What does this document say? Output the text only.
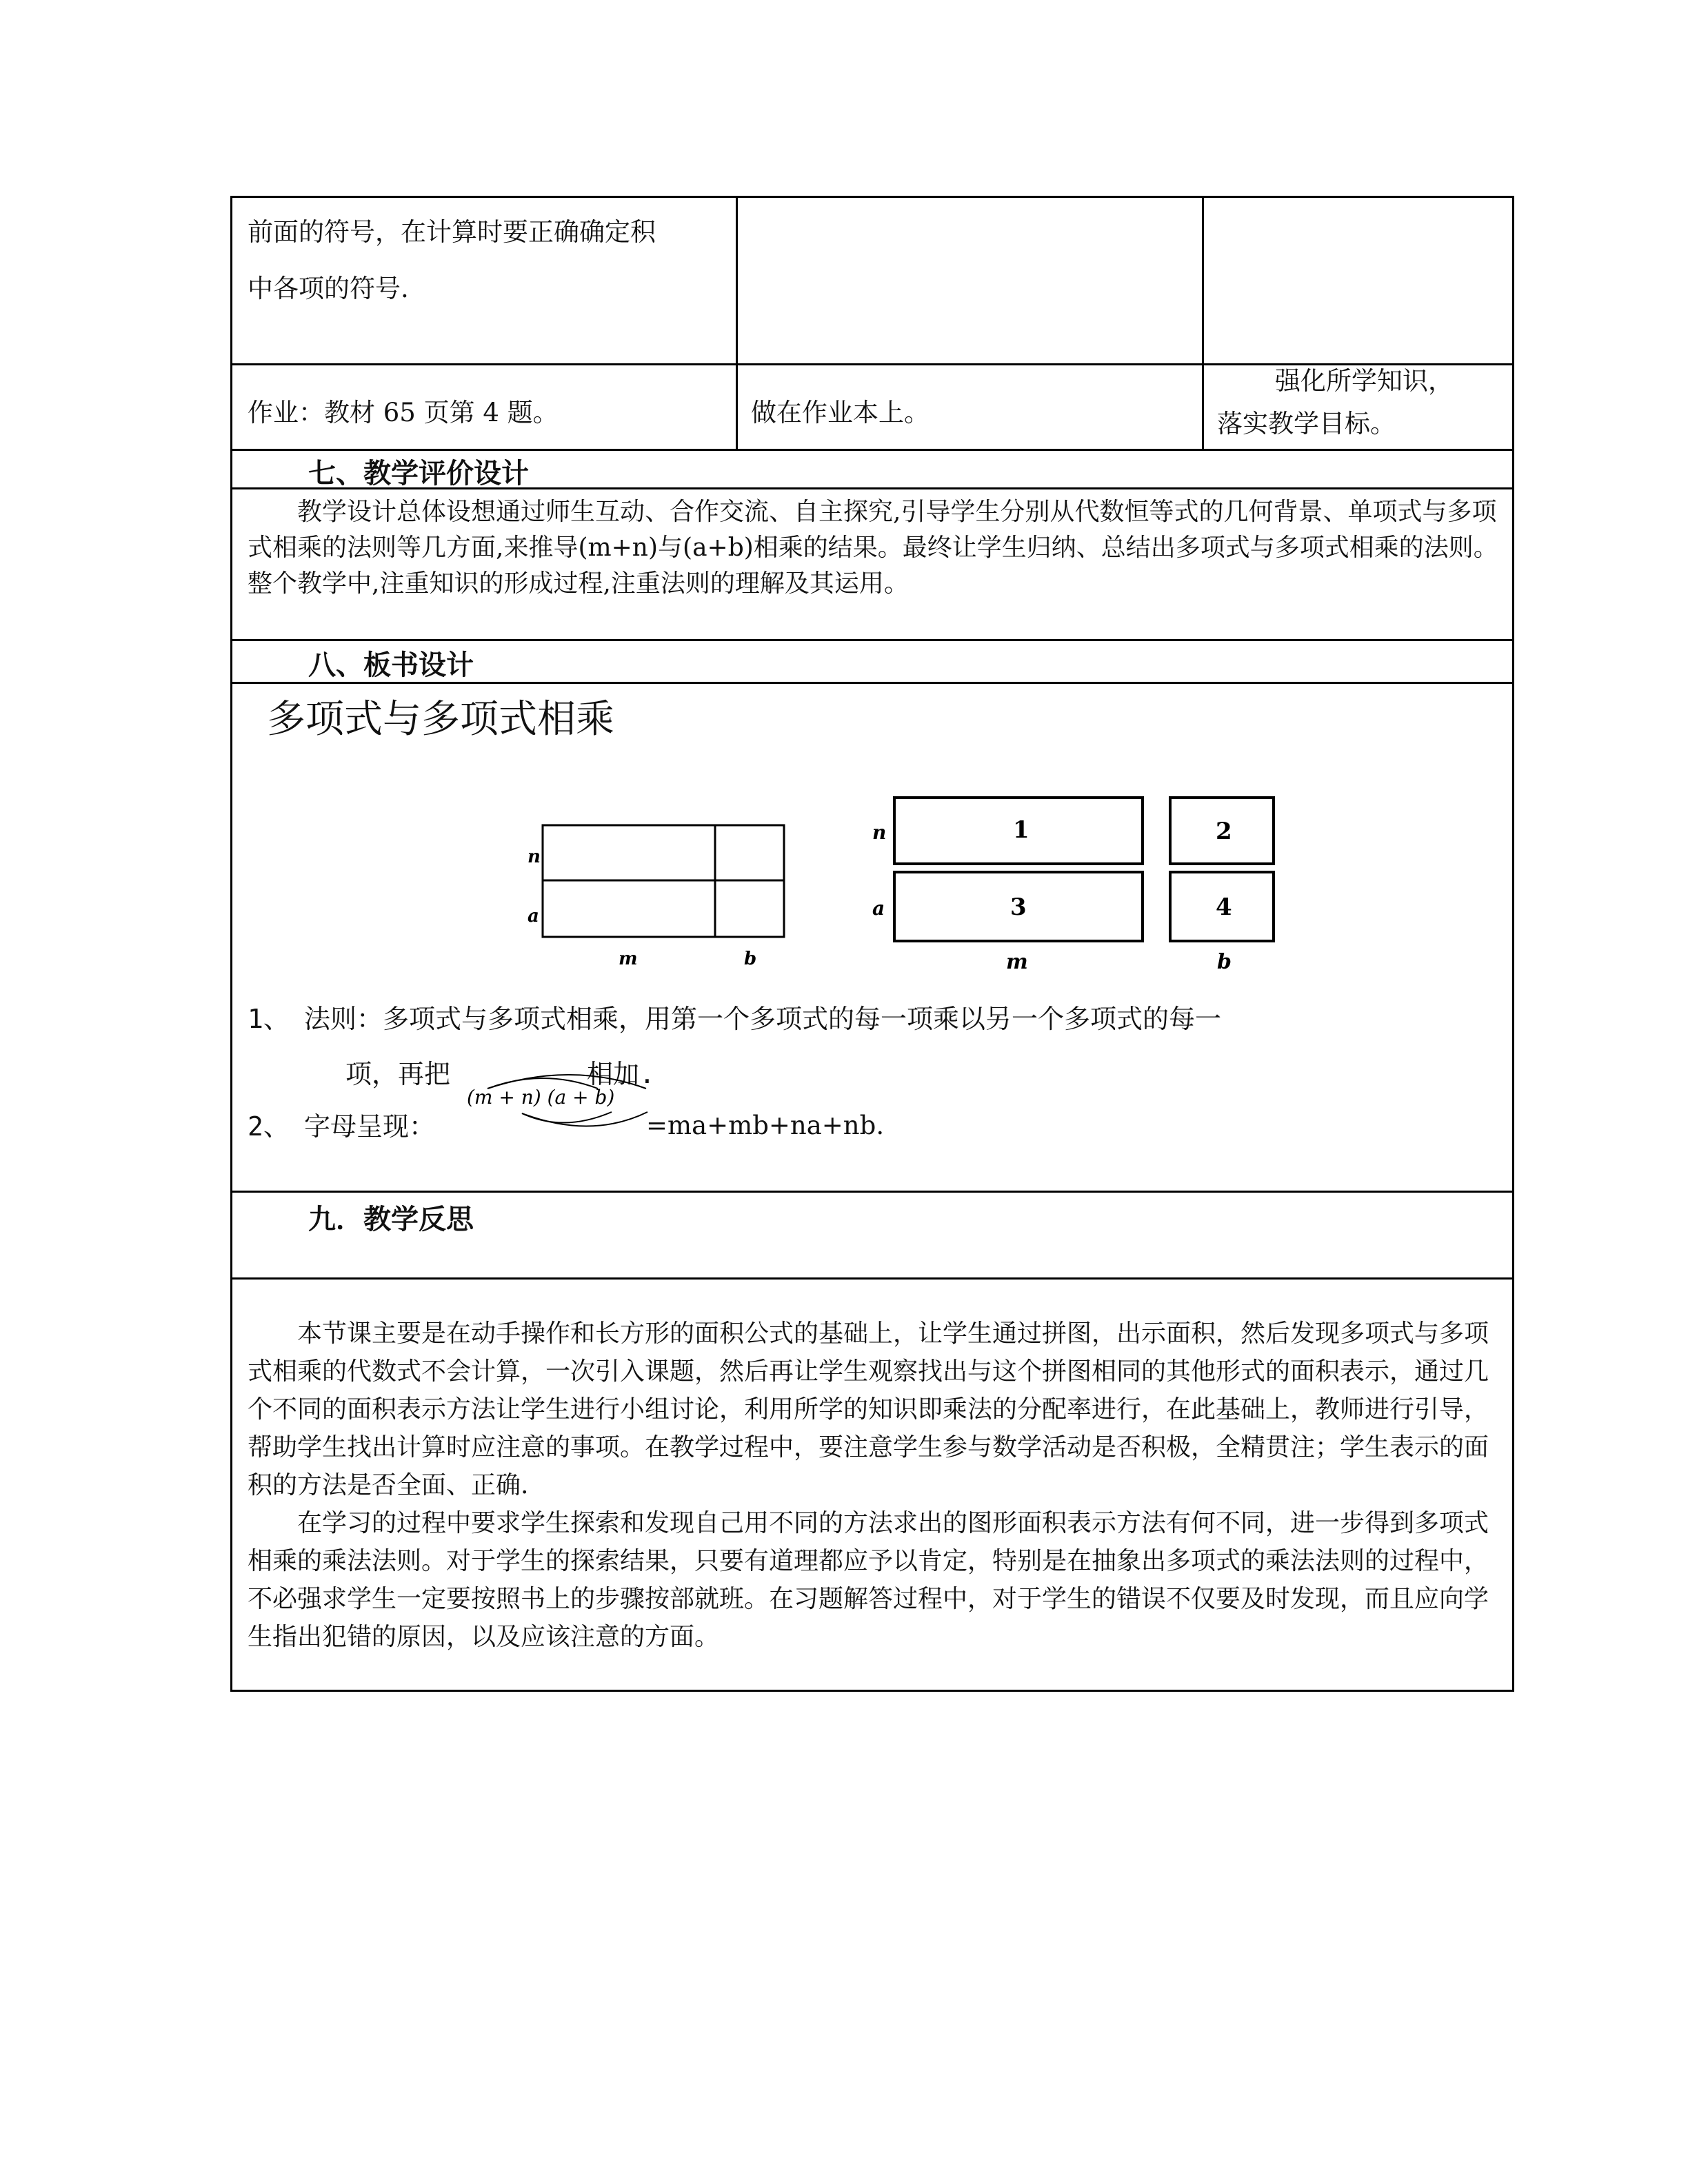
前面的符号，在计算时要正确确定积
中各项的符号.
作业：教材 65 页第 4 题。	做在作业本上。
强化所学知识，
落实教学目标。
七、教学评价设计

教学设计总体设想通过师生互动、合作交流、自主探究,引导学生分别从代数恒等式的几何背景、单项式与多项式相乘的法则等几方面,来推导(m+n)与(a+b)相乘的结果。最终让学生归纳、总结出多项式与多项式相乘的法则。整个教学中,注重知识的形成过程,注重法则的理解及其运用。

八、板书设计
多项式与多项式相乘
n
a
m	b
1	2
3	4
n
a
m	b
1、 法则：多项式与多项式相乘，用第一个多项式的每一项乘以另一个多项式的每一
项，再把	相加.
2、 字母呈现：
(m + n) (a + b)
=ma+mb+na+nb.
九．教学反思

本节课主要是在动手操作和长方形的面积公式的基础上，让学生通过拼图，出示面积，然后发现多项式与多项式相乘的代数式不会计算，一次引入课题，然后再让学生观察找出与这个拼图相同的其他形式的面积表示，通过几个不同的面积表示方法让学生进行小组讨论，利用所学的知识即乘法的分配率进行，在此基础上，教师进行引导，帮助学生找出计算时应注意的事项。在教学过程中，要注意学生参与数学活动是否积极，全精贯注；学生表示的面积的方法是否全面、正确.

在学习的过程中要求学生探索和发现自己用不同的方法求出的图形面积表示方法有何不同，进一步得到多项式相乘的乘法法则。对于学生的探索结果，只要有道理都应予以肯定，特别是在抽象出多项式的乘法法则的过程中，不必强求学生一定要按照书上的步骤按部就班。在习题解答过程中，对于学生的错误不仅要及时发现，而且应向学生指出犯错的原因，以及应该注意的方面。
